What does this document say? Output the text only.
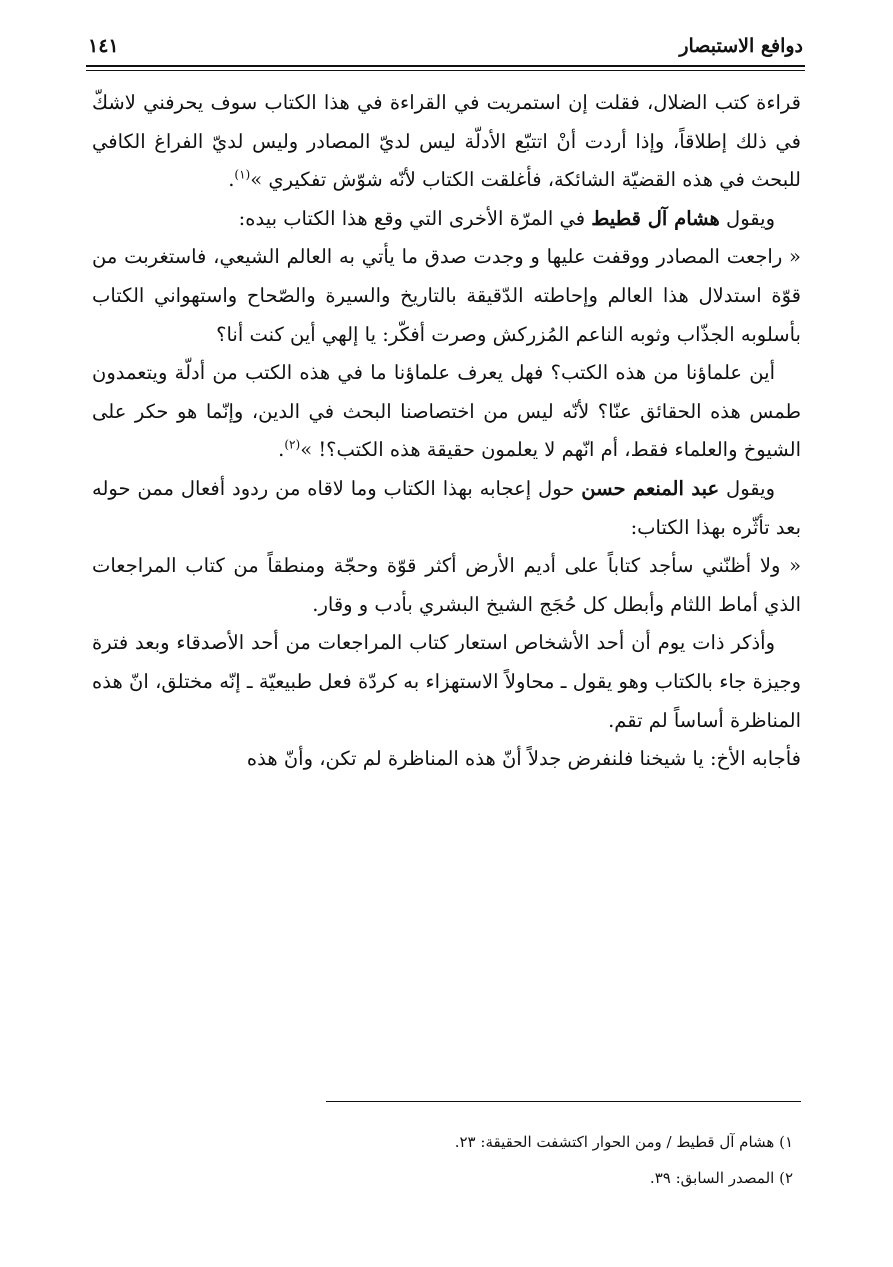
دوافع الاستبصار
١٤١

قراءة كتب الضلال، فقلت إن استمريت في القراءة في هذا الكتاب سوف يحرفني لاشكّ في ذلك إطلاقاً، وإذا أردت أنْ اتتبّع الأدلّة ليس لديّ المصادر وليس لديّ الفراغ الكافي للبحث في هذه القضيّة الشائكة، فأغلقت الكتاب لأنّه شوّش تفكيري »$^{(١)}$.

ويقول هشام آل قطيط في المرّة الأخرى التي وقع هذا الكتاب بيده:

« راجعت المصادر ووقفت عليها و وجدت صدق ما يأتي به العالم الشيعي، فاستغربت من قوّة استدلال هذا العالم وإحاطته الدّقيقة بالتاريخ والسيرة والصّحاح واستهواني الكتاب بأسلوبه الجذّاب وثوبه الناعم المُزركش وصرت أفكّر: يا إلهي أين كنت أنا؟

أين علماؤنا من هذه الكتب؟ فهل يعرف علماؤنا ما في هذه الكتب من أدلّة ويتعمدون طمس هذه الحقائق عنّا؟ لأنّه ليس من اختصاصنا البحث في الدين، وإنّما هو حكر على الشيوخ والعلماء فقط، أم انّهم لا يعلمون حقيقة هذه الكتب؟! »$^{(٢)}$.

ويقول عبد المنعم حسن حول إعجابه بهذا الكتاب وما لاقاه من ردود أفعال ممن حوله بعد تأثّره بهذا الكتاب:

« ولا أظنّني سأجد كتاباً على أديم الأرض أكثر قوّة وحجّة ومنطقاً من كتاب المراجعات الذي أماط اللثام وأبطل كل حُجَج الشيخ البشري بأدب و وقار.

وأذكر ذات يوم أن أحد الأشخاص استعار كتاب المراجعات من أحد الأصدقاء وبعد فترة وجيزة جاء بالكتاب وهو يقول ـ محاولاً الاستهزاء به كردّة فعل طبيعيّة ـ إنّه مختلق، انّ هذه المناظرة أساساً لم تقم.

فأجابه الأخ: يا شيخنا فلنفرض جدلاً أنّ هذه المناظرة لم تكن، وأنّ هذه

١) هشام آل قطيط / ومن الحوار اكتشفت الحقيقة: ٢٣.
٢) المصدر السابق: ٣٩.
